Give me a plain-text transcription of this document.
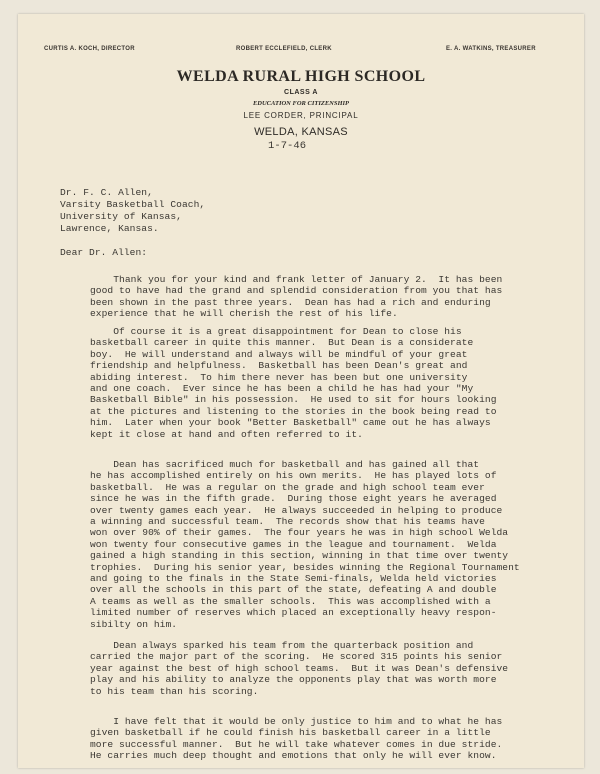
CURTIS A. KOCH, DIRECTOR	ROBERT ECCLEFIELD, CLERK	E. A. WATKINS, TREASURER
WELDA RURAL HIGH SCHOOL
CLASS A
EDUCATION FOR CITIZENSHIP
LEE CORDER, PRINCIPAL
WELDA, KANSAS
1-7-46
Dr. F. C. Allen,
Varsity Basketball Coach,
University of Kansas,
Lawrence, Kansas.
Dear Dr. Allen:
Thank you for your kind and frank letter of January 2.  It has been
good to have had the grand and splendid consideration from you that has
been shown in the past three years.  Dean has had a rich and enduring
experience that he will cherish the rest of his life.
Of course it is a great disappointment for Dean to close his
basketball career in quite this manner.  But Dean is a considerate
boy.  He will understand and always will be mindful of your great
friendship and helpfulness.  Basketball has been Dean's great and
abiding interest.  To him there never has been but one university
and one coach.  Ever since he has been a child he has had your "My
Basketball Bible" in his possession.  He used to sit for hours looking
at the pictures and listening to the stories in the book being read to
him.  Later when your book "Better Basketball" came out he has always
kept it close at hand and often referred to it.
Dean has sacrificed much for basketball and has gained all that
he has accomplished entirely on his own merits.  He has played lots of
basketball.  He was a regular on the grade and high school team ever
since he was in the fifth grade.  During those eight years he averaged
over twenty games each year.  He always succeeded in helping to produce
a winning and successful team.  The records show that his teams have
won over 90% of their games.  The four years he was in high school Welda
won twenty four consecutive games in the league and tournament.  Welda
gained a high standing in this section, winning in that time over twenty
trophies.  During his senior year, besides winning the Regional Tournament
and going to the finals in the State Semi-finals, Welda held victories
over all the schools in this part of the state, defeating A and double
A teams as well as the smaller schools.  This was accomplished with a
limited number of reserves which placed an exceptionally heavy respon-
sibilty on him.
Dean always sparked his team from the quarterback position and
carried the major part of the scoring.  He scored 315 points his senior
year against the best of high school teams.  But it was Dean's defensive
play and his ability to analyze the opponents play that was worth more
to his team than his scoring.
I have felt that it would be only justice to him and to what he has
given basketball if he could finish his basketball career in a little
more successful manner.  But he will take whatever comes in due stride.
He carries much deep thought and emotions that only he will ever know.
